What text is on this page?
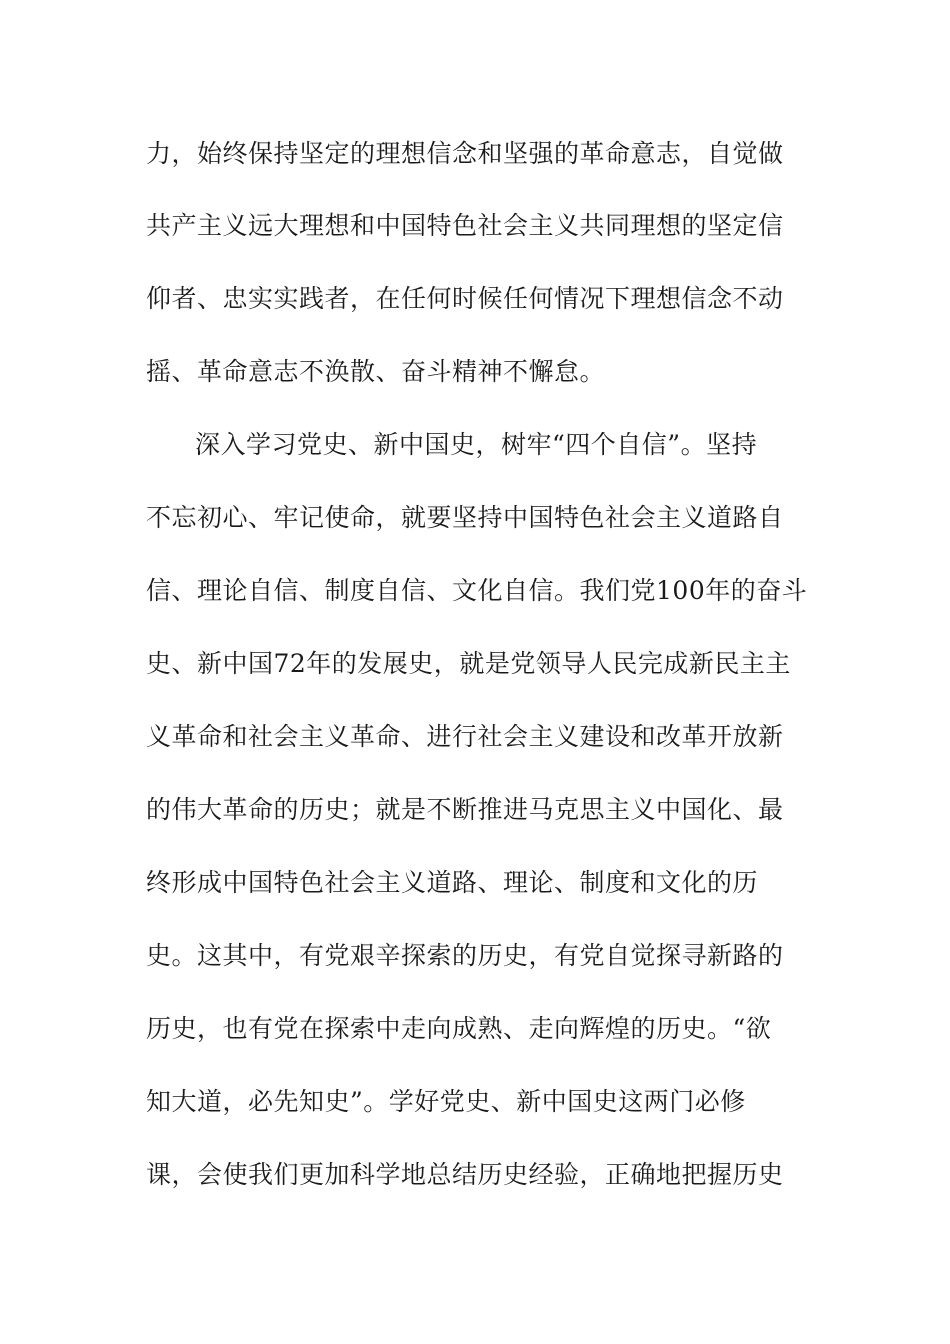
力，始终保持坚定的理想信念和坚强的革命意志，自觉做
共产主义远大理想和中国特色社会主义共同理想的坚定信
仰者、忠实实践者，在任何时候任何情况下理想信念不动
摇、革命意志不涣散、奋斗精神不懈怠。
深入学习党史、新中国史，树牢“四个自信”。坚持
不忘初心、牢记使命，就要坚持中国特色社会主义道路自
信、理论自信、制度自信、文化自信。我们党100年的奋斗
史、新中国72年的发展史，就是党领导人民完成新民主主
义革命和社会主义革命、进行社会主义建设和改革开放新
的伟大革命的历史；就是不断推进马克思主义中国化、最
终形成中国特色社会主义道路、理论、制度和文化的历
史。这其中，有党艰辛探索的历史，有党自觉探寻新路的
历史，也有党在探索中走向成熟、走向辉煌的历史。“欲
知大道，必先知史”。学好党史、新中国史这两门必修
课，会使我们更加科学地总结历史经验，正确地把握历史
